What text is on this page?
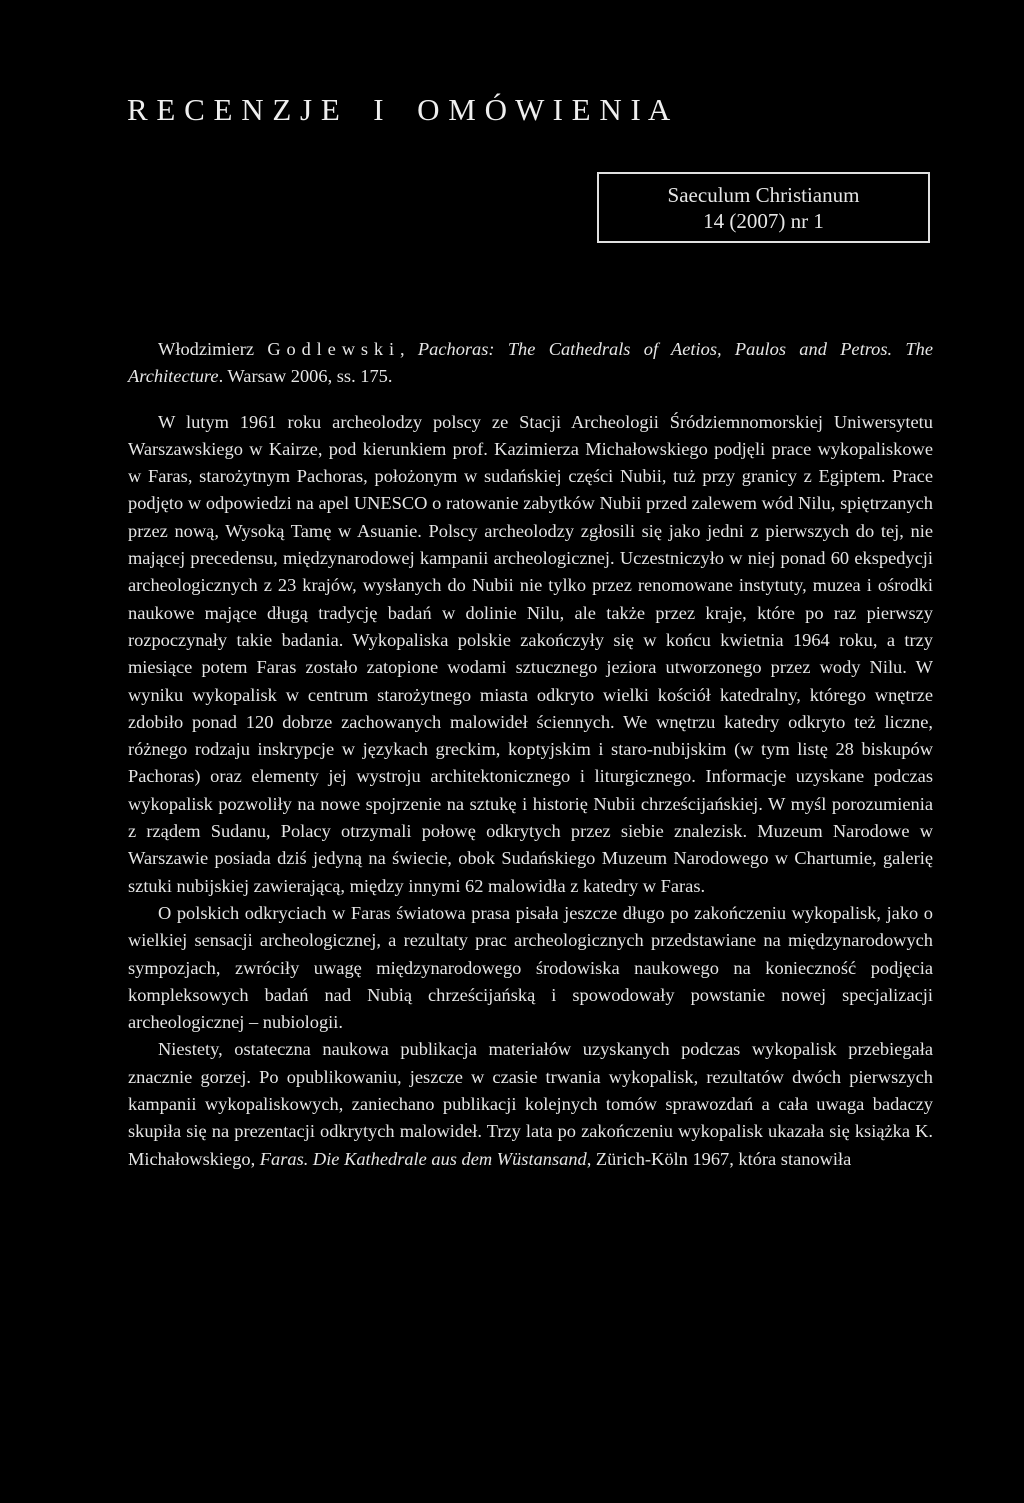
R E C E N Z J E    I    O M Ó W I E N I A
Saeculum Christianum
14 (2007) nr 1

Włodzimierz Godlewski, Pachoras: The Cathedrals of Aetios, Paulos and Petros. The Architecture. Warsaw 2006, ss. 175.

W lutym 1961 roku archeolodzy polscy ze Stacji Archeologii Śródziemnomorskiej Uniwersytetu Warszawskiego w Kairze, pod kierunkiem prof. Kazimierza Michałowskiego podjęli prace wykopaliskowe w Faras, starożytnym Pachoras, położonym w sudańskiej części Nubii, tuż przy granicy z Egiptem. Prace podjęto w odpowiedzi na apel UNESCO o ratowanie zabytków Nubii przed zalewem wód Nilu, spiętrzanych przez nową, Wysoką Tamę w Asuanie. Polscy archeolodzy zgłosili się jako jedni z pierwszych do tej, nie mającej precedensu, międzynarodowej kampanii archeologicznej. Uczestniczyło w niej ponad 60 ekspedycji archeologicznych z 23 krajów, wysłanych do Nubii nie tylko przez renomowane instytuty, muzea i ośrodki naukowe mające długą tradycję badań w dolinie Nilu, ale także przez kraje, które po raz pierwszy rozpoczynały takie badania. Wykopaliska polskie zakończyły się w końcu kwietnia 1964 roku, a trzy miesiące potem Faras zostało zatopione wodami sztucznego jeziora utworzonego przez wody Nilu. W wyniku wykopalisk w centrum starożytnego miasta odkryto wielki kościół katedralny, którego wnętrze zdobiło ponad 120 dobrze zachowanych malowideł ściennych. We wnętrzu katedry odkryto też liczne, różnego rodzaju inskrypcje w językach greckim, koptyjskim i staro-nubijskim (w tym listę 28 biskupów Pachoras) oraz elementy jej wystroju architektonicznego i liturgicznego. Informacje uzyskane podczas wykopalisk pozwoliły na nowe spojrzenie na sztukę i historię Nubii chrześcijańskiej. W myśl porozumienia z rządem Sudanu, Polacy otrzymali połowę odkrytych przez siebie znalezisk. Muzeum Narodowe w Warszawie posiada dziś jedyną na świecie, obok Sudańskiego Muzeum Narodowego w Chartumie, galerię sztuki nubijskiej zawierającą, między innymi 62 malowidła z katedry w Faras.

O polskich odkryciach w Faras światowa prasa pisała jeszcze długo po zakończeniu wykopalisk, jako o wielkiej sensacji archeologicznej, a rezultaty prac archeologicznych przedstawiane na międzynarodowych sympozjach, zwróciły uwagę międzynarodowego środowiska naukowego na konieczność podjęcia kompleksowych badań nad Nubią chrześcijańską i spowodowały powstanie nowej specjalizacji archeologicznej – nubiologii.

Niestety, ostateczna naukowa publikacja materiałów uzyskanych podczas wykopalisk przebiegała znacznie gorzej. Po opublikowaniu, jeszcze w czasie trwania wykopalisk, rezultatów dwóch pierwszych kampanii wykopaliskowych, zaniechano publikacji kolejnych tomów sprawozdań a cała uwaga badaczy skupiła się na prezentacji odkrytych malowideł. Trzy lata po zakończeniu wykopalisk ukazała się książka K. Michałowskiego, Faras. Die Kathedrale aus dem Wüstansand, Zürich-Köln 1967, która stanowiła
